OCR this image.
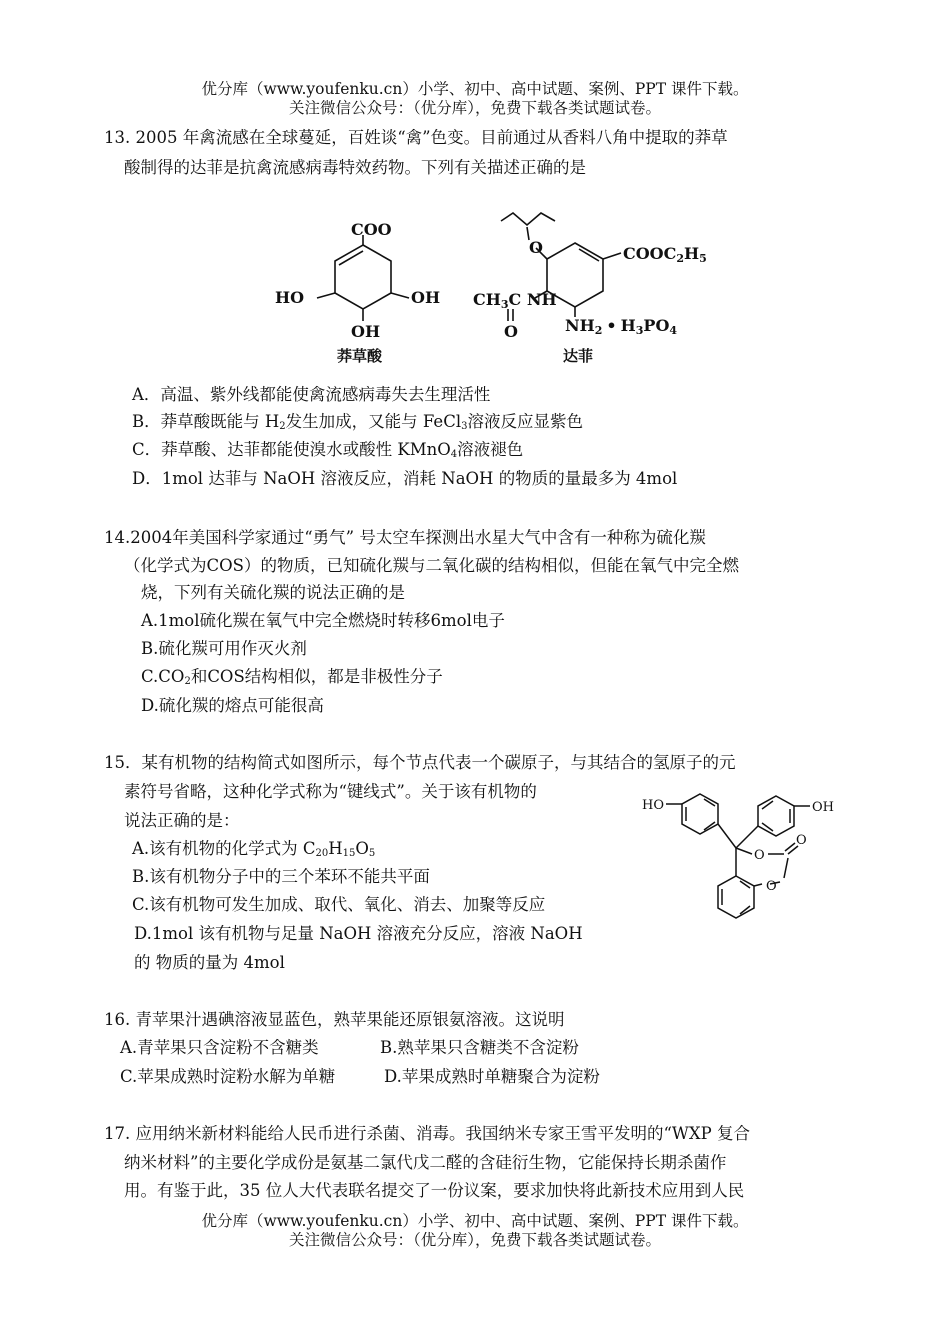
优分库（www.youfenku.cn）小学、初中、高中试题、案例、PPT 课件下载。
关注微信公众号：（优分库），免费下载各类试题试卷。
13. 2005 年禽流感在全球蔓延，百姓谈“禽”色变。目前通过从香料八角中提取的莽草
酸制得的达菲是抗禽流感病毒特效药物。下列有关描述正确的是
COO
HO	OH
OH
莽草酸
O	COOC2H5
CH3C NH
O	NH2 • H3PO4
达菲
A．高温、紫外线都能使禽流感病毒失去生理活性
B．莽草酸既能与 $H_2$发生加成，又能与 FeCl$_3$溶液反应显紫色
C．莽草酸、达菲都能使溴水或酸性 KMnO$_4$溶液褪色
D．1mol 达菲与 NaOH 溶液反应，消耗 NaOH 的物质的量最多为 4mol
14.2004年美国科学家通过“勇气” 号太空车探测出水星大气中含有一种称为硫化羰
（化学式为COS）的物质，已知硫化羰与二氧化碳的结构相似，但能在氧气中完全燃
烧，下列有关硫化羰的说法正确的是
A.1mol硫化羰在氧气中完全燃烧时转移6mol电子
B.硫化羰可用作灭火剂
$C.CO_2$和COS结构相似，都是非极性分子
D.硫化羰的熔点可能很高
15．某有机物的结构简式如图所示，每个节点代表一个碳原子，与其结合的氢原子的元
素符号省略，这种化学式称为“键线式”。关于该有机物的
说法正确的是：
A.该有机物的化学式为 $C_{20}H_{15}O_5$
B.该有机物分子中的三个苯环不能共平面
C.该有机物可发生加成、取代、氧化、消去、加聚等反应
D.1mol 该有机物与足量 NaOH 溶液充分反应，溶液 NaOH
的 物质的量为 4mol
HO	OH
O
O
O
16. 青苹果汁遇碘溶液显蓝色，熟苹果能还原银氨溶液。这说明
A.青苹果只含淀粉不含糖类	B.熟苹果只含糖类不含淀粉
C.苹果成熟时淀粉水解为单糖	D.苹果成熟时单糖聚合为淀粉
17. 应用纳米新材料能给人民币进行杀菌、消毒。我国纳米专家王雪平发明的“WXP 复合
纳米材料”的主要化学成份是氨基二氯代戊二醛的含硅衍生物，它能保持长期杀菌作
用。有鉴于此，35 位人大代表联名提交了一份议案，要求加快将此新技术应用到人民
优分库（www.youfenku.cn）小学、初中、高中试题、案例、PPT 课件下载。
关注微信公众号：（优分库），免费下载各类试题试卷。
